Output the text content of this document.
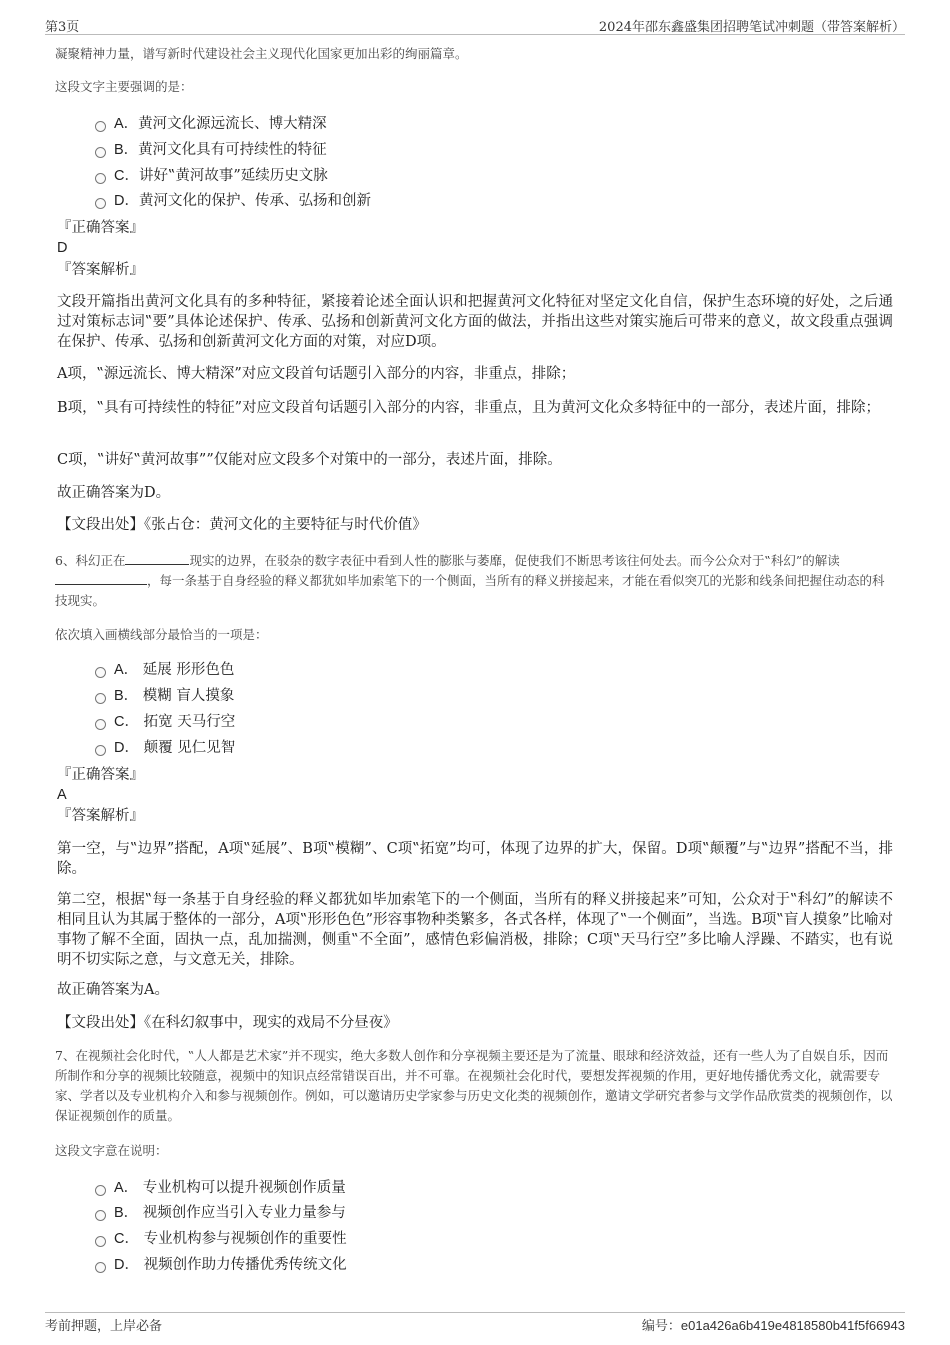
第3页	2024年邵东鑫盛集团招聘笔试冲刺题（带答案解析）
凝聚精神力量，谱写新时代建设社会主义现代化国家更加出彩的绚丽篇章。
这段文字主要强调的是：
A．黄河文化源远流长、博大精深
B．黄河文化具有可持续性的特征
C．讲好‟黄河故事”延续历史文脉
D．黄河文化的保护、传承、弘扬和创新
『正确答案』
D
『答案解析』
文段开篇指出黄河文化具有的多种特征，紧接着论述全面认识和把握黄河文化特征对坚定文化自信，保护生态环境的好处，之后通过对策标志词‟要”具体论述保护、传承、弘扬和创新黄河文化方面的做法，并指出这些对策实施后可带来的意义，故文段重点强调在保护、传承、弘扬和创新黄河文化方面的对策，对应D项。
A项，‟源远流长、博大精深”对应文段首句话题引入部分的内容，非重点，排除；
B项，‟具有可持续性的特征”对应文段首句话题引入部分的内容，非重点，且为黄河文化众多特征中的一部分，表述片面，排除；
C项，‟讲好‟黄河故事””仅能对应文段多个对策中的一部分，表述片面，排除。
故正确答案为D。
【文段出处】《张占仓：黄河文化的主要特征与时代价值》
6、科幻正在	现实的边界，在驳杂的数字表征中看到人性的膨胀与萎靡，促使我们不断思考该往何处去。而今公众对于‟科幻”的解读，每一条基于自身经验的释义都犹如毕加索笔下的一个侧面，当所有的释义拼接起来，才能在看似突兀的光影和线条间把握住动态的科技现实。
依次填入画横线部分最恰当的一项是：
A． 延展 形形色色
B． 模糊 盲人摸象
C． 拓宽 天马行空
D． 颠覆 见仁见智
『正确答案』
A
『答案解析』
第一空，与‟边界”搭配，A项‟延展”、B项‟模糊”、C项‟拓宽”均可，体现了边界的扩大，保留。D项‟颠覆”与‟边界”搭配不当，排除。
第二空，根据‟每一条基于自身经验的释义都犹如毕加索笔下的一个侧面，当所有的释义拼接起来”可知，公众对于‟科幻”的解读不相同且认为其属于整体的一部分，A项‟形形色色”形容事物种类繁多，各式各样，体现了‟一个侧面”，当选。B项‟盲人摸象”比喻对事物了解不全面，固执一点，乱加揣测，侧重‟不全面”，感情色彩偏消极，排除；C项‟天马行空”多比喻人浮躁、不踏实，也有说明不切实际之意，与文意无关，排除。
故正确答案为A。
【文段出处】《在科幻叙事中，现实的戏局不分昼夜》
7、在视频社会化时代，‟人人都是艺术家”并不现实，绝大多数人创作和分享视频主要还是为了流量、眼球和经济效益，还有一些人为了自娱自乐，因而所制作和分享的视频比较随意，视频中的知识点经常错误百出，并不可靠。在视频社会化时代，要想发挥视频的作用，更好地传播优秀文化，就需要专家、学者以及专业机构介入和参与视频创作。例如，可以邀请历史学家参与历史文化类的视频创作，邀请文学研究者参与文学作品欣赏类的视频创作，以保证视频创作的质量。
这段文字意在说明：
A． 专业机构可以提升视频创作质量
B． 视频创作应当引入专业力量参与
C． 专业机构参与视频创作的重要性
D． 视频创作助力传播优秀传统文化
考前押题，上岸必备	编号：e01a426a6b419e4818580b41f5f66943
